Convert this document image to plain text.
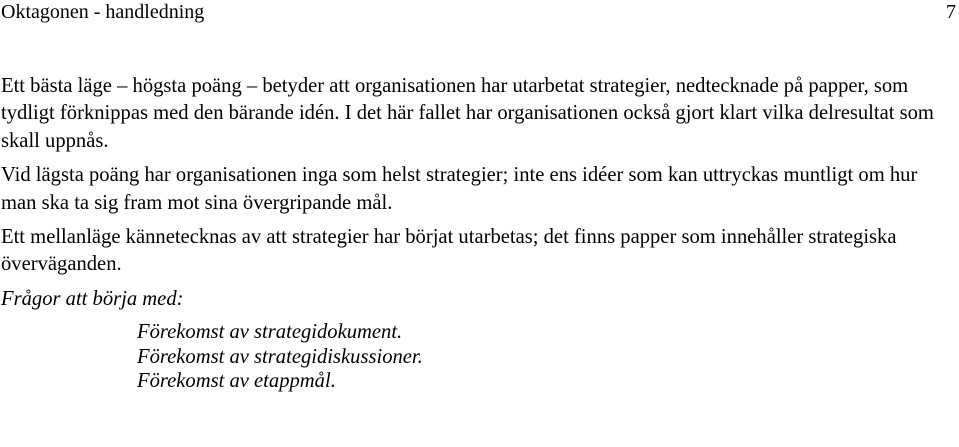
Oktagonen - handledning	7

Ett bästa läge – högsta poäng – betyder att organisationen har utarbetat strategier, nedtecknade på papper, som tydligt förknippas med den bärande idén. I det här fallet har organisationen också gjort klart vilka delresultat som skall uppnås.

Vid lägsta poäng har organisationen inga som helst strategier; inte ens idéer som kan uttryckas muntligt om hur man ska ta sig fram mot sina övergripande mål.

Ett mellanläge kännetecknas av att strategier har börjat utarbetas; det finns papper som innehåller strategiska överväganden.

Frågor att börja med:

Förekomst av strategidokument.
Förekomst av strategidiskussioner.
Förekomst av etappmål.
